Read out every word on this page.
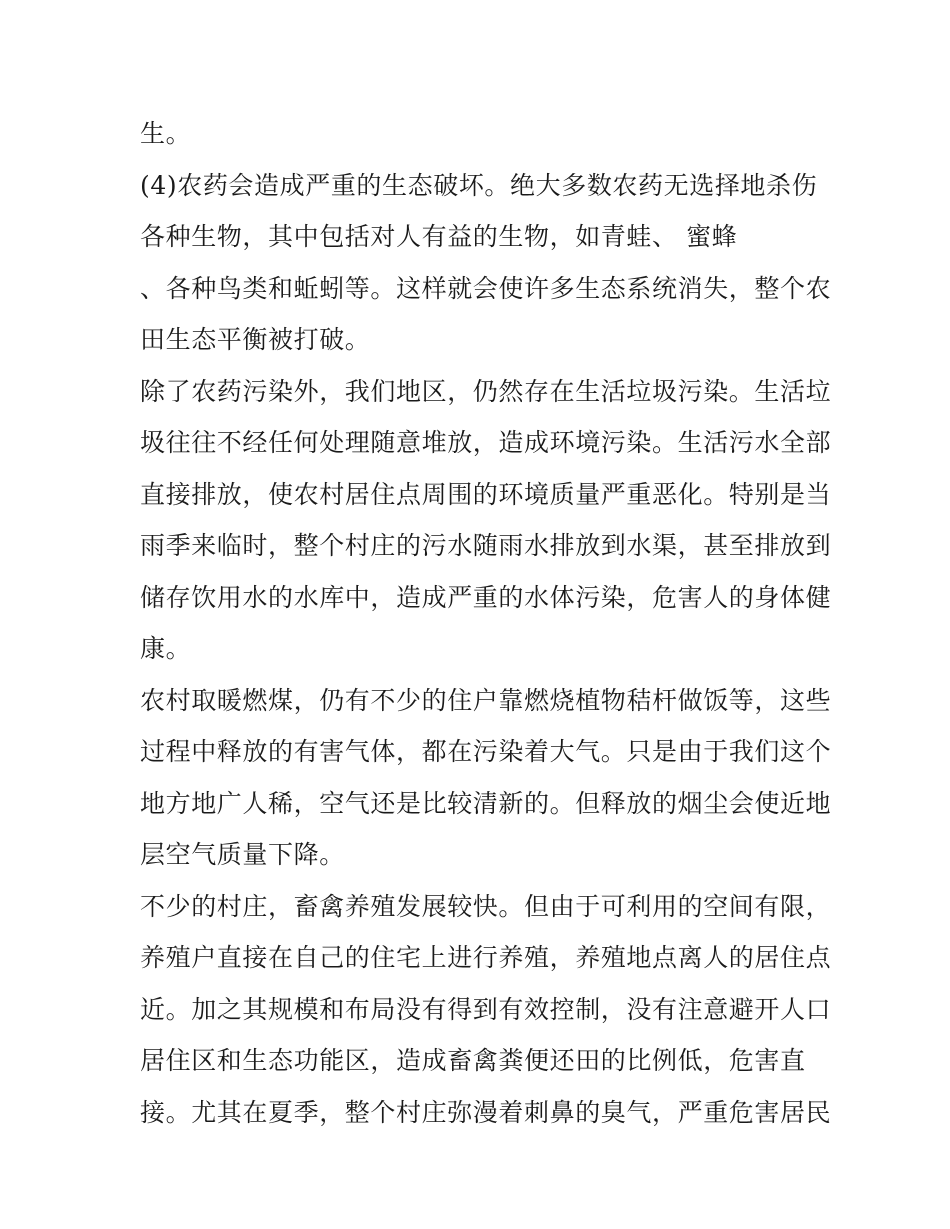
生。
(4)农药会造成严重的生态破坏。绝大多数农药无选择地杀伤
各种生物，其中包括对人有益的生物，如青蛙、 蜜蜂
、各种鸟类和蚯蚓等。这样就会使许多生态系统消失，整个农
田生态平衡被打破。
除了农药污染外，我们地区，仍然存在生活垃圾污染。生活垃
圾往往不经任何处理随意堆放，造成环境污染。生活污水全部
直接排放，使农村居住点周围的环境质量严重恶化。特别是当
雨季来临时，整个村庄的污水随雨水排放到水渠，甚至排放到
储存饮用水的水库中，造成严重的水体污染，危害人的身体健
康。
农村取暖燃煤，仍有不少的住户靠燃烧植物秸杆做饭等，这些
过程中释放的有害气体，都在污染着大气。只是由于我们这个
地方地广人稀，空气还是比较清新的。但释放的烟尘会使近地
层空气质量下降。
不少的村庄，畜禽养殖发展较快。但由于可利用的空间有限，
养殖户直接在自己的住宅上进行养殖，养殖地点离人的居住点
近。加之其规模和布局没有得到有效控制，没有注意避开人口
居住区和生态功能区，造成畜禽粪便还田的比例低，危害直
接。尤其在夏季，整个村庄弥漫着刺鼻的臭气，严重危害居民
